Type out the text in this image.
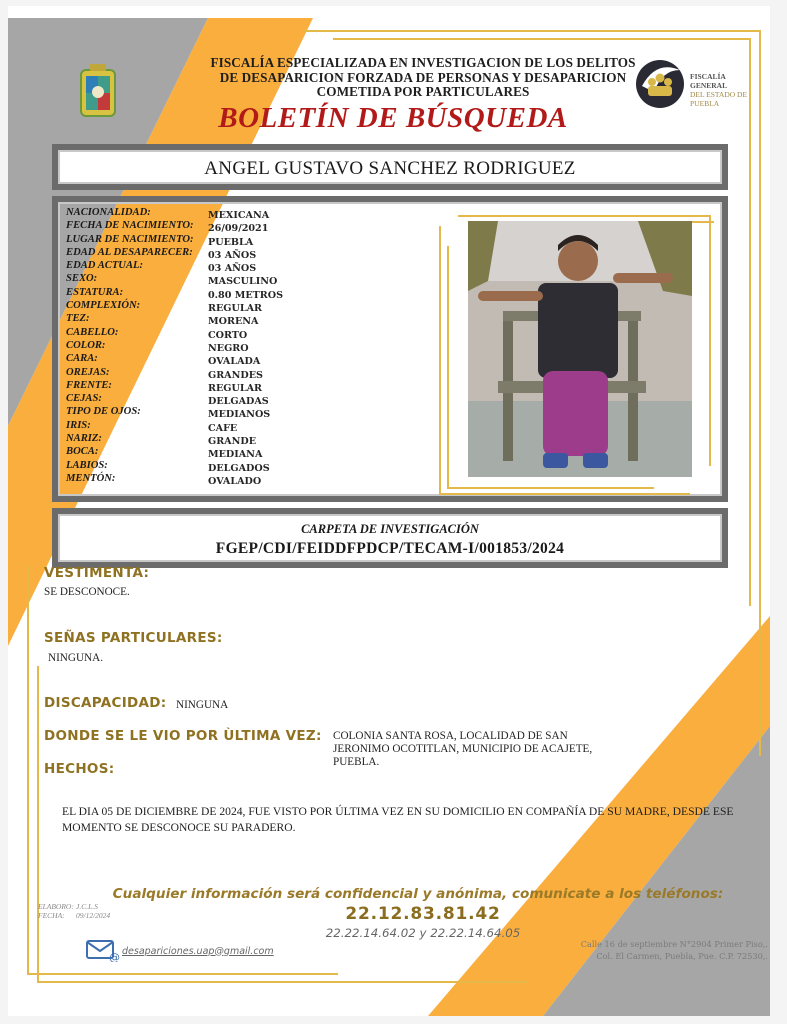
FISCALÍA ESPECIALIZADA EN INVESTIGACION DE LOS DELITOS
DE DESAPARICION FORZADA DE PERSONAS Y DESAPARICION
COMETIDA POR PARTICULARES
BOLETÍN DE BÚSQUEDA
FISCALÍA GENERAL
DEL ESTADO DE
PUEBLA
ANGEL GUSTAVO SANCHEZ RODRIGUEZ
NACIONALIDAD:	MEXICANA
FECHA DE NACIMIENTO:	26/09/2021
LUGAR DE NACIMIENTO:	PUEBLA
EDAD AL DESAPARECER:	03 AÑOS
EDAD ACTUAL:	03 AÑOS
SEXO:	MASCULINO
ESTATURA:	0.80 METROS
COMPLEXIÓN:	REGULAR
TEZ:	MORENA
CABELLO:	CORTO
COLOR:	NEGRO
CARA:	OVALADA
OREJAS:	GRANDES
FRENTE:	REGULAR
CEJAS:	DELGADAS
TIPO DE OJOS:	MEDIANOS
IRIS:	CAFE
NARIZ:	GRANDE
BOCA:	MEDIANA
LABIOS:	DELGADOS
MENTÓN:	OVALADO
CARPETA DE INVESTIGACIÓN
FGEP/CDI/FEIDDFPDCP/TECAM-I/001853/2024
VESTIMENTA:
SE DESCONOCE.
SEÑAS PARTICULARES:
NINGUNA.
DISCAPACIDAD: NINGUNA
DONDE SE LE VIO POR ÙLTIMA VEZ: COLONIA SANTA ROSA, LOCALIDAD DE SAN
JERONIMO OCOTITLAN, MUNICIPIO DE ACAJETE,
PUEBLA.
HECHOS:
EL DIA 05 DE DICIEMBRE DE 2024, FUE VISTO POR ÚLTIMA VEZ EN SU DOMICILIO EN COMPAÑÍA DE SU MADRE, DESDE ESE MOMENTO SE DESCONOCE SU PARADERO.
Cualquier información será confidencial y anónima, comunicate a los teléfonos:
22.12.83.81.42
22.22.14.64.02 y 22.22.14.64.05
ELABORO: J.C.L.S
FECHA: 09/12/2024
@ desapariciones.uap@gmail.com
Calle 16 de septiembre N°2904 Primer Piso,.
Col. El Carmen, Puebla, Pue. C.P. 72530,.
